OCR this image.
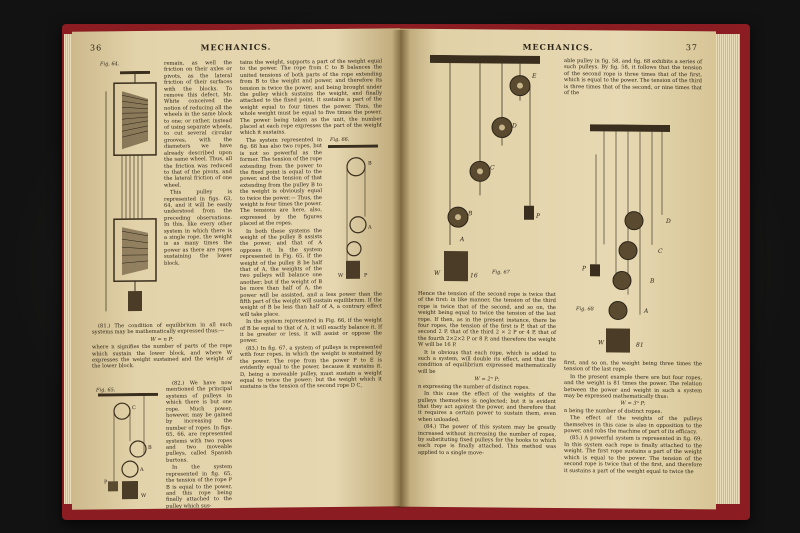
36	MECHANICS.
Fig. 64.	remain, as well the friction on their axles or pivots, as the lateral friction of their surfaces with the blocks. To remove this defect, Mr. White conceived the notion of reducing all the wheels in the same block to one; or rather, instead of using separate wheels, to cut several circular grooves, with the diameters we have already described upon the same wheel. Thus, all the friction was reduced to that of the pivots, and the lateral friction of one wheel.

This pulley is represented in figs. 63, 64, and it will be easily understood from the preceding observations. In this, like every other system in which there is a single rope, the weight is as many times the power as there are ropes sustaining the lower block.

(81.) The condition of equilibrium in all such systems may be mathematically expressed thus:—

W = n P;

where n signifies the number of parts of the rope which sustain the lower block, and where W expresses the weight sustained and the weight of the lower block.

Fig. 65.
P
W
B
C
A

(82.) We have now mentioned the principal systems of pulleys in which there is but one rope. Much power, however, may be gained by increasing the number of ropes. In figs. 65, 66, are represented systems with two ropes and two moveable pulleys, called Spanish burtons.

In the system represented in fig. 65, the tension of the rope P B is equal to the power, and this rope being finally attached to the pulley which sus-

tains the weight, supports a part of the weight equal to the power. The rope from C to B balances the united tensions of both parts of the rope extending from B to the weight and power, and therefore its tension is twice the power, and being brought under the pulley which sustains the weight, and finally attached to the fixed point, it sustains a part of the weight equal to four times the power. Thus, the whole weight must be equal to five times the power. The power being taken as the unit, the number placed at each rope expresses the part of the weight which it sustains.

Fig. 66.
B
A
W	P

The system represented in fig. 66 has also two ropes, but is not so powerful as the former. The tension of the rope extending from the power to the fixed point is equal to the power, and the tension of that extending from the pulley B to the weight is obviously equal to twice the power.— Thus, the weight is four times the power. The tensions are here, also, expressed by the figures placed at the ropes.

In both these systems the weight of the pulley B assists the power, and that of A opposes it. In the system represented in Fig. 65, if the weight of the pulley B be half that of A, the weights of the two pulleys will balance one another; but if the weight of B be more than half of A, the power will be assisted, and a less power than the fifth part of the weight will sustain equilibrium. If the weight of B be less than half of A, a contrary effect will take place.

In the system represented in Fig. 66, if the weight of B be equal to that of A, it will exactly balance it. If it be greater or less, it will assist or oppose the power.

(83.) In fig. 67, a system of pulleys is represented with four ropes, in which the weight is sustained by the power. The rope from the power P to E is evidently equal to the power, because it sustains it. D, being a moveable pulley, must sustain a weight equal to twice the power; but the weight which it sustains is the tension of the second rope D C,

MECHANICS.	37
E
D
C
B
A
P
W	16	Fig. 67

Hence the tension of the second rope is twice that of the first: in like manner, the tension of the third rope is twice that of the second, and so on, the weight being equal to twice the tension of the last rope. If then, as in the present instance, there be four ropes, the tension of the first is P, that of the second 2 P, that of the third 2 × 2 P or 4 P, that of the fourth 2×2×2 P or 8 P, and therefore the weight W will be 16 P.

It is obvious that each rope, which is added to such a system, will double its effect, and that the condition of equilibrium expressed mathematically will be

W = 2ⁿ P;

n expressing the number of distinct ropes.

In this case the effect of the weights of the pulleys themselves is neglected; but it is evident that they act against the power, and therefore that it requires a certain power to sustain them, even when unloaded.

(84.) The power of this system may be greatly increased without increasing the number of ropes, by substituting fixed pulleys for the hooks to which each rope is finally attached. This method was applied to a single move-

able pulley in fig. 58, and fig. 68 exhibits a series of such pulleys. By fig. 58, it follows that the tension of the second rope is three times that of the first, which is equal to the power. The tension of the third is three times that of the second, or nine times that of the

P
W	81
D
C
B
A
Fig. 68

first, and so on, the weight being three times the tension of the last rope.

In the present example there are but four ropes, and the weight is 81 times the power. The relation between the power and weight in such a system may be expressed mathematically thus:

W = 3ⁿ P;

n being the number of distinct ropes.

The effect of the weights of the pulleys themselves in this case is also in opposition to the power, and robs the machine of part of its efficacy.

(85.) A powerful system is represented in fig. 69. In this system each rope is finally attached to the weight. The first rope sustains a part of the weight which is equal to the power. The tension of the second rope is twice that of the first, and therefore it sustains a part of the weight equal to twice the
